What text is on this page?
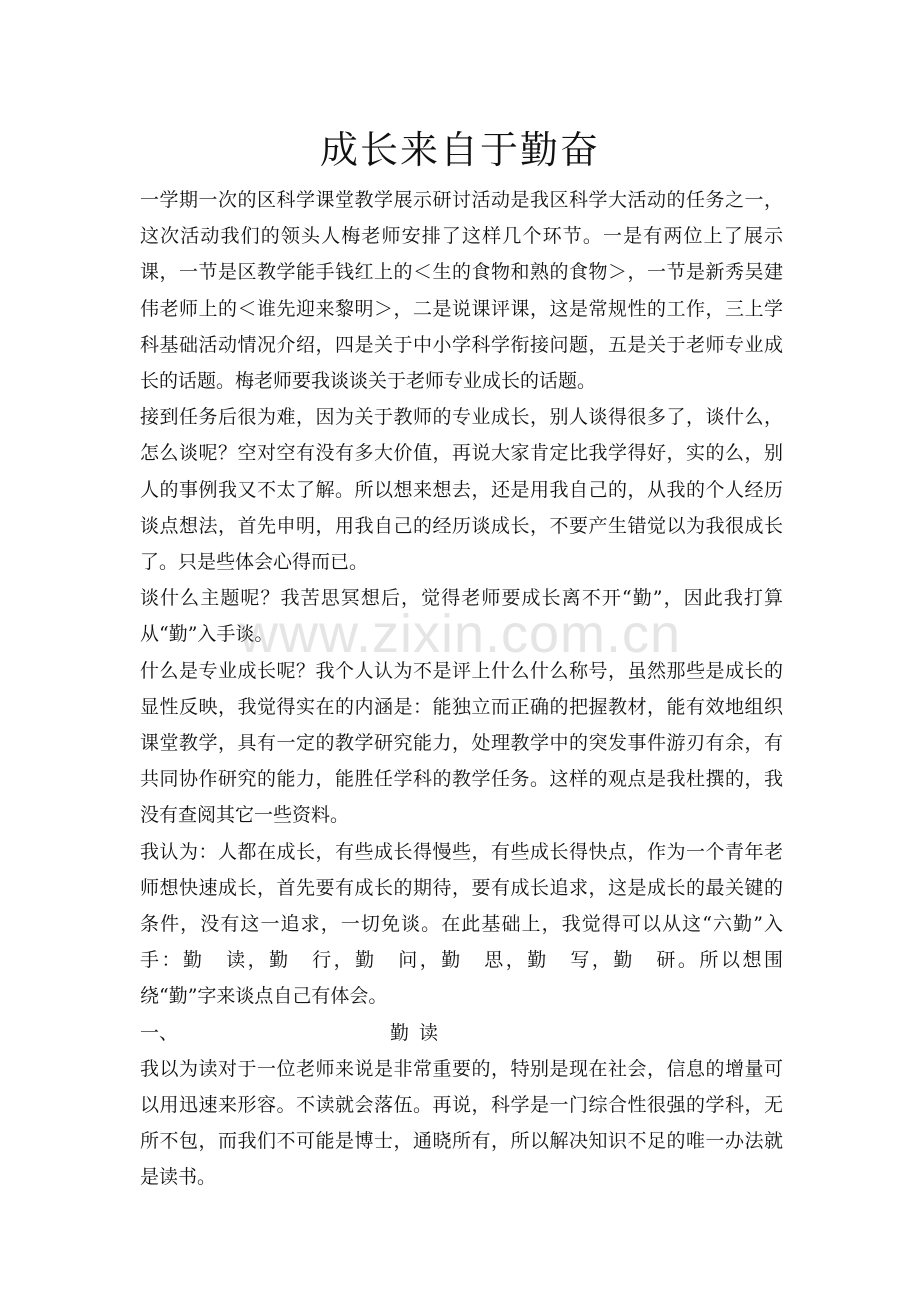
成长来自于勤奋

一学期一次的区科学课堂教学展示研讨活动是我区科学大活动的任务之一，这次活动我们的领头人梅老师安排了这样几个环节。一是有两位上了展示课，一节是区教学能手钱红上的＜生的食物和熟的食物＞，一节是新秀吴建伟老师上的＜谁先迎来黎明＞，二是说课评课，这是常规性的工作，三上学科基础活动情况介绍，四是关于中小学科学衔接问题，五是关于老师专业成长的话题。梅老师要我谈谈关于老师专业成长的话题。

接到任务后很为难，因为关于教师的专业成长，别人谈得很多了，谈什么，怎么谈呢？空对空有没有多大价值，再说大家肯定比我学得好，实的么，别人的事例我又不太了解。所以想来想去，还是用我自己的，从我的个人经历谈点想法，首先申明，用我自己的经历谈成长，不要产生错觉以为我很成长了。只是些体会心得而已。

谈什么主题呢？我苦思冥想后，觉得老师要成长离不开“勤”，因此我打算从“勤”入手谈。

什么是专业成长呢？我个人认为不是评上什么什么称号，虽然那些是成长的显性反映，我觉得实在的内涵是：能独立而正确的把握教材，能有效地组织课堂教学，具有一定的教学研究能力，处理教学中的突发事件游刃有余，有共同协作研究的能力，能胜任学科的教学任务。这样的观点是我杜撰的，我没有查阅其它一些资料。

我认为：人都在成长，有些成长得慢些，有些成长得快点，作为一个青年老师想快速成长，首先要有成长的期待，要有成长追求，这是成长的最关键的条件，没有这一追求，一切免谈。在此基础上，我觉得可以从这“六勤”入手：勤　读，勤　行，勤　问，勤　思，勤　写，勤　研。所以想围绕“勤”字来谈点自己有体会。

一、	勤读

我以为读对于一位老师来说是非常重要的，特别是现在社会，信息的增量可以用迅速来形容。不读就会落伍。再说，科学是一门综合性很强的学科，无所不包，而我们不可能是博士，通晓所有，所以解决知识不足的唯一办法就是读书。

www.zixin.com.cn
